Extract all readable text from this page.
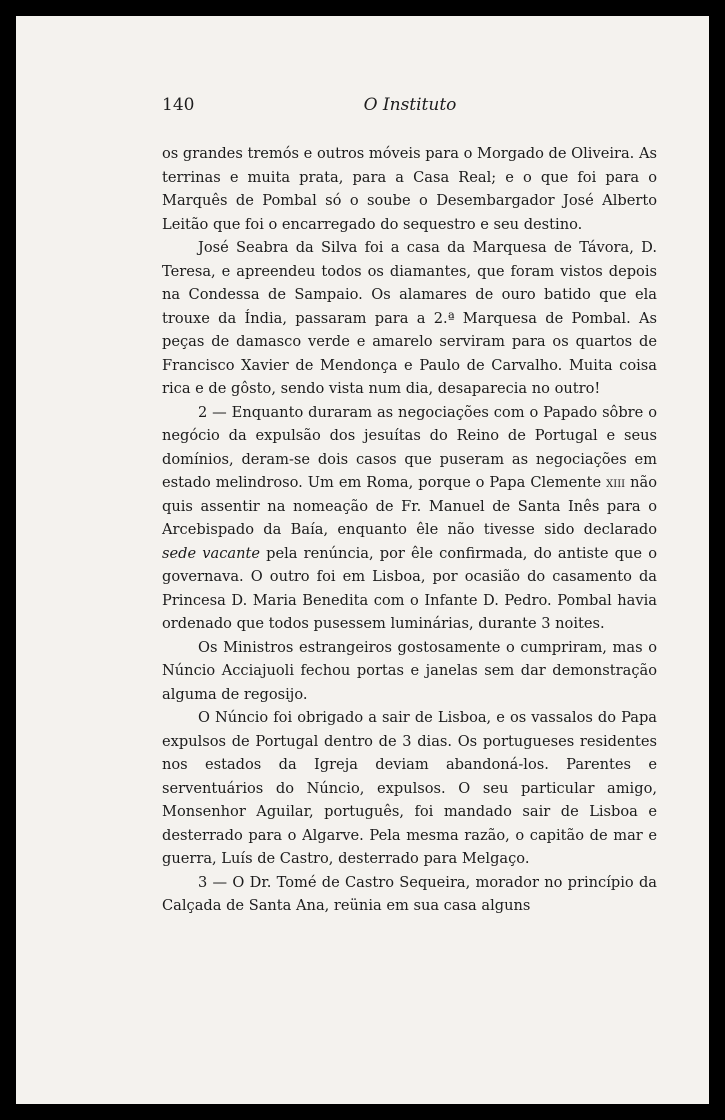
140	O Instituto

os grandes tremós e outros móveis para o Morgado de Oliveira. As terrinas e muita prata, para a Casa Real; e o que foi para o Marquês de Pombal só o soube o Desembargador José Alberto Leitão que foi o encarregado do sequestro e seu destino.

José Seabra da Silva foi a casa da Marquesa de Távora, D. Teresa, e apreendeu todos os diamantes, que foram vistos depois na Condessa de Sampaio. Os alamares de ouro batido que ela trouxe da Índia, passaram para a 2.ª Marquesa de Pombal. As peças de damasco verde e amarelo serviram para os quartos de Francisco Xavier de Mendonça e Paulo de Carvalho. Muita coisa rica e de gôsto, sendo vista num dia, desaparecia no outro!

2 — Enquanto duraram as negociações com o Papado sôbre o negócio da expulsão dos jesuítas do Reino de Portugal e seus domínios, deram-se dois casos que puseram as negociações em estado melindroso. Um em Roma, porque o Papa Clemente xiii não quis assentir na nomeação de Fr. Manuel de Santa Inês para o Arcebispado da Baía, enquanto êle não tivesse sido declarado sede vacante pela renúncia, por êle confirmada, do antiste que o governava. O outro foi em Lisboa, por ocasião do casamento da Princesa D. Maria Benedita com o Infante D. Pedro. Pombal havia ordenado que todos pusessem luminárias, durante 3 noites.

Os Ministros estrangeiros gostosamente o cumpriram, mas o Núncio Acciajuoli fechou portas e janelas sem dar demonstração alguma de regosijo.

O Núncio foi obrigado a sair de Lisboa, e os vassalos do Papa expulsos de Portugal dentro de 3 dias. Os portugueses residentes nos estados da Igreja deviam abandoná-los. Parentes e serventuários do Núncio, expulsos. O seu particular amigo, Monsenhor Aguilar, português, foi mandado sair de Lisboa e desterrado para o Algarve. Pela mesma razão, o capitão de mar e guerra, Luís de Castro, desterrado para Melgaço.

3 — O Dr. Tomé de Castro Sequeira, morador no princípio da Calçada de Santa Ana, reünia em sua casa alguns
